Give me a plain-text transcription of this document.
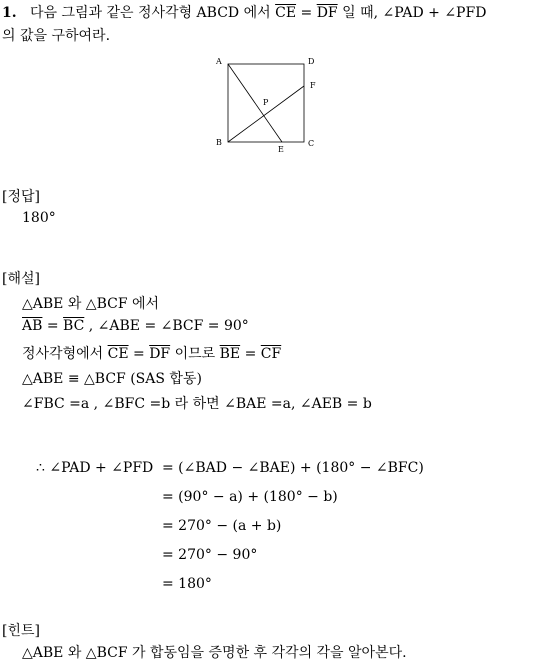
1. 다음 그림과 같은 정사각형 ABCD 에서 $\overline{CE} = \overline{DF}$ 일 때, ∠PAD + ∠PFD
의 값을 구하여라.
A	D
F
P
B	C
E
[정답]
180°
[해설]
△ABE 와 △BCF 에서
$\overline{AB} = \overline{BC}$ , ∠ABE = ∠BCF = 90°
정사각형에서 $\overline{CE} = \overline{DF}$ 이므로 $\overline{BE} = \overline{CF}$
△ABE ≡ △BCF (SAS 합동)
∠FBC =a , ∠BFC =b 라 하면 ∠BAE =a, ∠AEB = b
∴ ∠PAD + ∠PFD = (∠BAD − ∠BAE) + (180° − ∠BFC)
= (90° − a) + (180° − b)
= 270° − (a + b)
= 270° − 90°
= 180°
[힌트]
△ABE 와 △BCF 가 합동임을 증명한 후 각각의 각을 알아본다.
